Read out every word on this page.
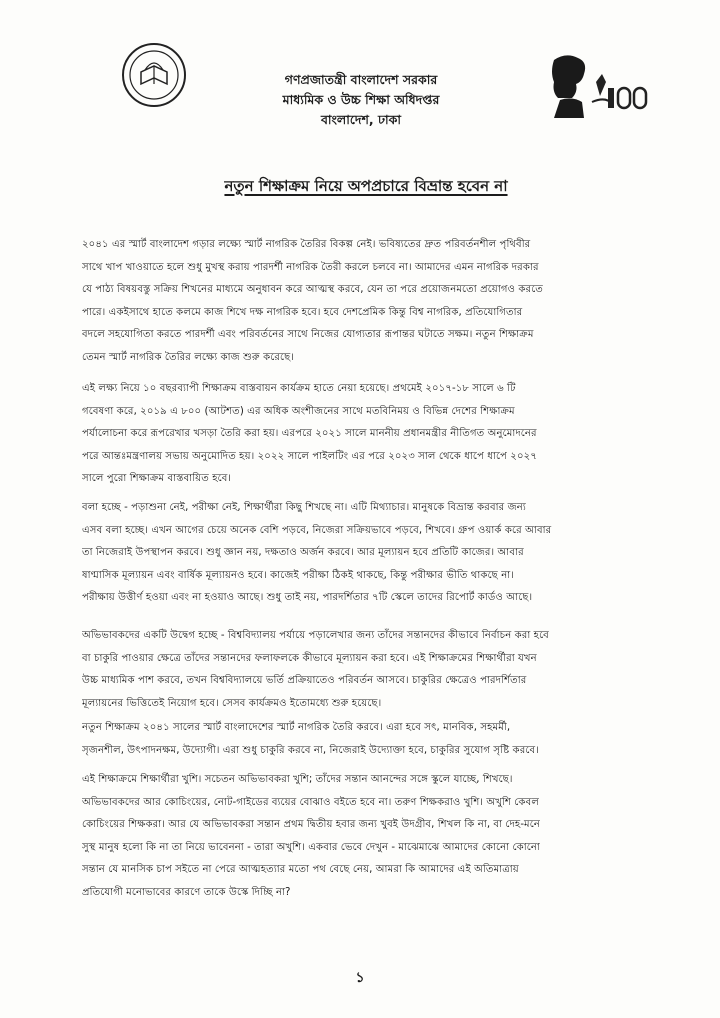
গণপ্রজাতন্ত্রী বাংলাদেশ সরকার
মাধ্যমিক ও উচ্চ শিক্ষা অধিদপ্তর
বাংলাদেশ, ঢাকা
নতুন শিক্ষাক্রম নিয়ে অপপ্রচারে বিভ্রান্ত হবেন না
২০৪১ এর স্মার্ট বাংলাদেশ গড়ার লক্ষ্যে স্মার্ট নাগরিক তৈরির বিকল্প নেই। ভবিষ্যতের দ্রুত পরিবর্তনশীল পৃথিবীর
সাথে খাপ খাওয়াতে হলে শুধু মুখস্থ করায় পারদর্শী নাগরিক তৈরী করলে চলবে না। আমাদের এমন নাগরিক দরকার
যে পাঠ্য বিষয়বস্তু সক্রিয় শিখনের মাধ্যমে অনুধাবন করে আত্মস্থ করবে, যেন তা পরে প্রয়োজনমতো প্রয়োগও করতে
পারে। একইসাথে হাতে কলমে কাজ শিখে দক্ষ নাগরিক হবে। হবে দেশপ্রেমিক কিন্তু বিশ্ব নাগরিক, প্রতিযোগিতার
বদলে সহযোগিতা করতে পারদর্শী এবং পরিবর্তনের সাথে নিজের যোগ্যতার রূপান্তর ঘটাতে সক্ষম। নতুন শিক্ষাক্রম
তেমন স্মার্ট নাগরিক তৈরির লক্ষ্যে কাজ শুরু করেছে।
এই লক্ষ্য নিয়ে ১০ বছরব্যাপী শিক্ষাক্রম বাস্তবায়ন কার্যক্রম হাতে নেয়া হয়েছে। প্রথমেই ২০১৭-১৮ সালে ৬ টি
গবেষণা করে, ২০১৯ এ ৮০০ (আটশত) এর অধিক অংশীজনের সাথে মতবিনিময় ও বিভিন্ন দেশের শিক্ষাক্রম
পর্যালোচনা করে রূপরেখার খসড়া তৈরি করা হয়। এরপরে ২০২১ সালে মাননীয় প্রধানমন্ত্রীর নীতিগত অনুমোদনের
পরে আন্তঃমন্ত্রণালয় সভায় অনুমোদিত হয়। ২০২২ সালে পাইলটিং এর পরে ২০২৩ সাল থেকে ধাপে ধাপে ২০২৭
সালে পুরো শিক্ষাক্রম বাস্তবায়িত হবে।
বলা হচ্ছে - পড়াশুনা নেই, পরীক্ষা নেই, শিক্ষার্থীরা কিছু শিখছে না। এটি মিথ্যাচার। মানুষকে বিভ্রান্ত করবার জন্য
এসব বলা হচ্ছে। এখন আগের চেয়ে অনেক বেশি পড়বে, নিজেরা সক্রিয়ভাবে পড়বে, শিখবে। গ্রুপ ওয়ার্ক করে আবার
তা নিজেরাই উপস্থাপন করবে। শুধু জ্ঞান নয়, দক্ষতাও অর্জন করবে। আর মূল্যায়ন হবে প্রতিটি কাজের। আবার
ষাণ্মাসিক মূল্যায়ন এবং বার্ষিক মূল্যায়নও হবে। কাজেই পরীক্ষা ঠিকই থাকছে, কিন্তু পরীক্ষার ভীতি থাকছে না।
পরীক্ষায় উত্তীর্ণ হওয়া এবং না হওয়াও আছে। শুধু তাই নয়, পারদর্শিতার ৭টি স্কেলে তাদের রিপোর্ট কার্ডও আছে।
অভিভাবকদের একটি উদ্বেগ হচ্ছে - বিশ্ববিদ্যালয় পর্যায়ে পড়ালেখার জন্য তাঁদের সন্তানদের কীভাবে নির্বাচন করা হবে
বা চাকুরি পাওয়ার ক্ষেত্রে তাঁদের সন্তানদের ফলাফলকে কীভাবে মূল্যায়ন করা হবে। এই শিক্ষাক্রমের শিক্ষার্থীরা যখন
উচ্চ মাধ্যমিক পাশ করবে, তখন বিশ্ববিদ্যালয়ে ভর্তি প্রক্রিয়াতেও পরিবর্তন আসবে। চাকুরির ক্ষেত্রেও পারদর্শিতার
মূল্যায়নের ভিত্তিতেই নিয়োগ হবে। সেসব কার্যক্রমও ইতোমধ্যে শুরু হয়েছে।
নতুন শিক্ষাক্রম ২০৪১ সালের স্মার্ট বাংলাদেশের স্মার্ট নাগরিক তৈরি করবে। এরা হবে সৎ, মানবিক, সহমর্মী,
সৃজনশীল, উৎপাদনক্ষম, উদ্যোগী। এরা শুধু চাকুরি করবে না, নিজেরাই উদ্যোক্তা হবে, চাকুরির সুযোগ সৃষ্টি করবে।
এই শিক্ষাক্রমে শিক্ষার্থীরা খুশি। সচেতন অভিভাবকরা খুশি; তাঁদের সন্তান আনন্দের সঙ্গে স্কুলে যাচ্ছে, শিখছে।
অভিভাবকদের আর কোচিংয়ের, নোট-গাইডের ব্যয়ের বোঝাও বইতে হবে না। তরুণ শিক্ষকরাও খুশি। অখুশি কেবল
কোচিংয়ের শিক্ষকরা। আর যে অভিভাবকরা সন্তান প্রথম দ্বিতীয় হবার জন্য খুবই উদগ্রীব, শিখল কি না, বা দেহ-মনে
সুস্থ মানুষ হলো কি না তা নিয়ে ভাবেননা - তারা অখুশি। একবার ভেবে দেখুন - মাঝেমাঝে আমাদের কোনো কোনো
সন্তান যে মানসিক চাপ সইতে না পেরে আত্মহত্যার মতো পথ বেছে নেয়, আমরা কি আমাদের এই অতিমাত্রায়
প্রতিযোগী মনোভাবের কারণে তাকে উস্কে দিচ্ছি না?
১
